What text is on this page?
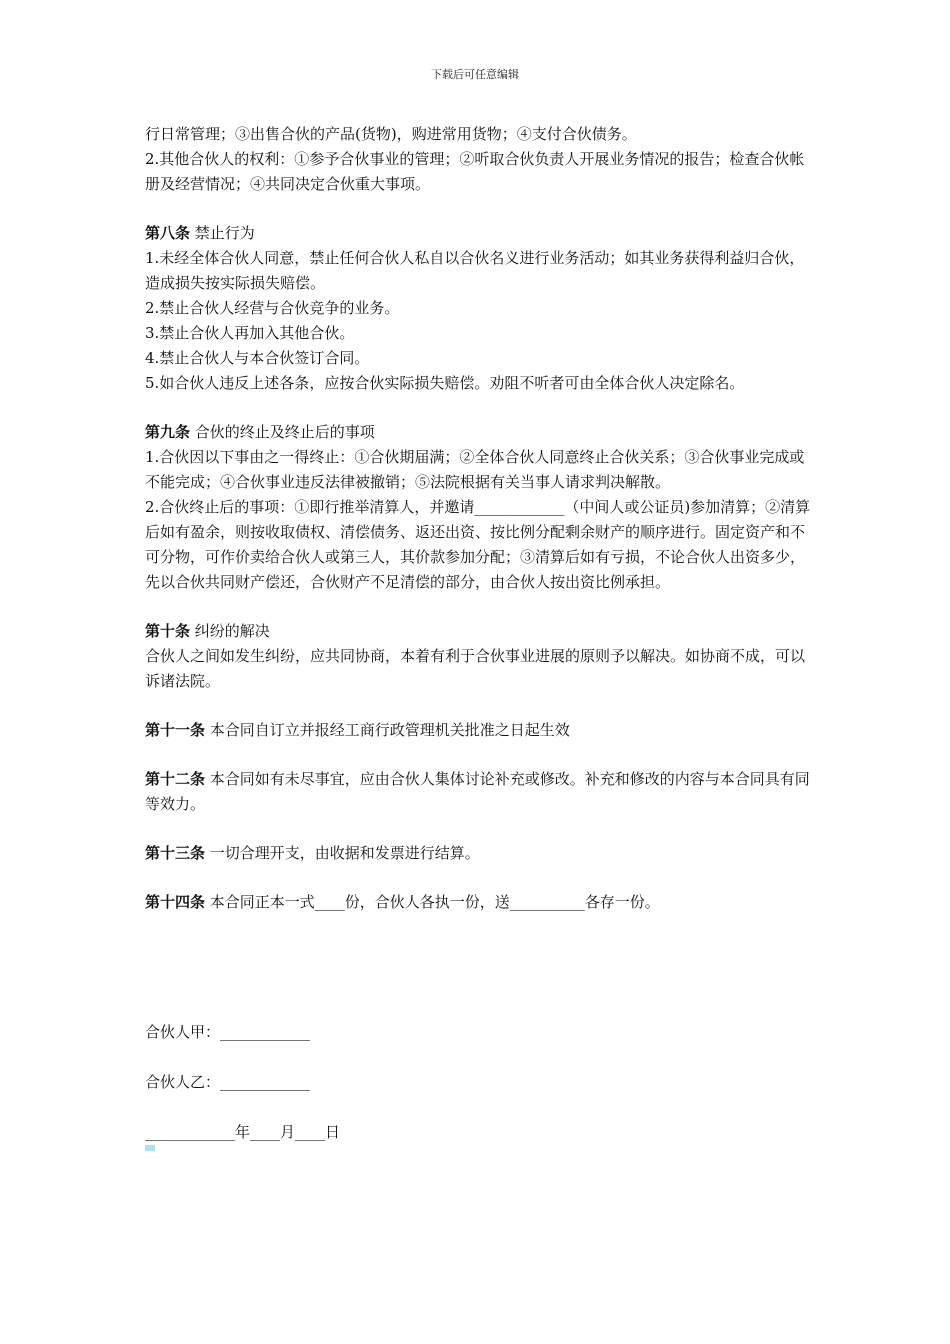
下载后可任意编辑

行日常管理；③出售合伙的产品(货物)，购进常用货物；④支付合伙债务。

2.其他合伙人的权利：①参予合伙事业的管理；②听取合伙负责人开展业务情况的报告；检查合伙帐册及经营情况；④共同决定合伙重大事项。

第八条 禁止行为

1.未经全体合伙人同意，禁止任何合伙人私自以合伙名义进行业务活动；如其业务获得利益归合伙，造成损失按实际损失赔偿。

2.禁止合伙人经营与合伙竞争的业务。

3.禁止合伙人再加入其他合伙。

4.禁止合伙人与本合伙签订合同。

5.如合伙人违反上述各条，应按合伙实际损失赔偿。劝阻不听者可由全体合伙人决定除名。

第九条 合伙的终止及终止后的事项

1.合伙因以下事由之一得终止：①合伙期届满；②全体合伙人同意终止合伙关系；③合伙事业完成或不能完成；④合伙事业违反法律被撤销；⑤法院根据有关当事人请求判决解散。

2.合伙终止后的事项：①即行推举清算人，并邀请____________（中间人或公证员)参加清算；②清算后如有盈余，则按收取债权、清偿债务、返还出资、按比例分配剩余财产的顺序进行。固定资产和不可分物，可作价卖给合伙人或第三人，其价款参加分配；③清算后如有亏损，不论合伙人出资多少，先以合伙共同财产偿还，合伙财产不足清偿的部分，由合伙人按出资比例承担。

第十条 纠纷的解决

合伙人之间如发生纠纷，应共同协商，本着有利于合伙事业进展的原则予以解决。如协商不成，可以诉诸法院。

第十一条 本合同自订立并报经工商行政管理机关批准之日起生效

第十二条 本合同如有未尽事宜，应由合伙人集体讨论补充或修改。补充和修改的内容与本合同具有同等效力。

第十三条 一切合理开支，由收据和发票进行结算。

第十四条 本合同正本一式____份，合伙人各执一份，送__________各存一份。

合伙人甲：____________
合伙人乙：____________
____________年____月____日
